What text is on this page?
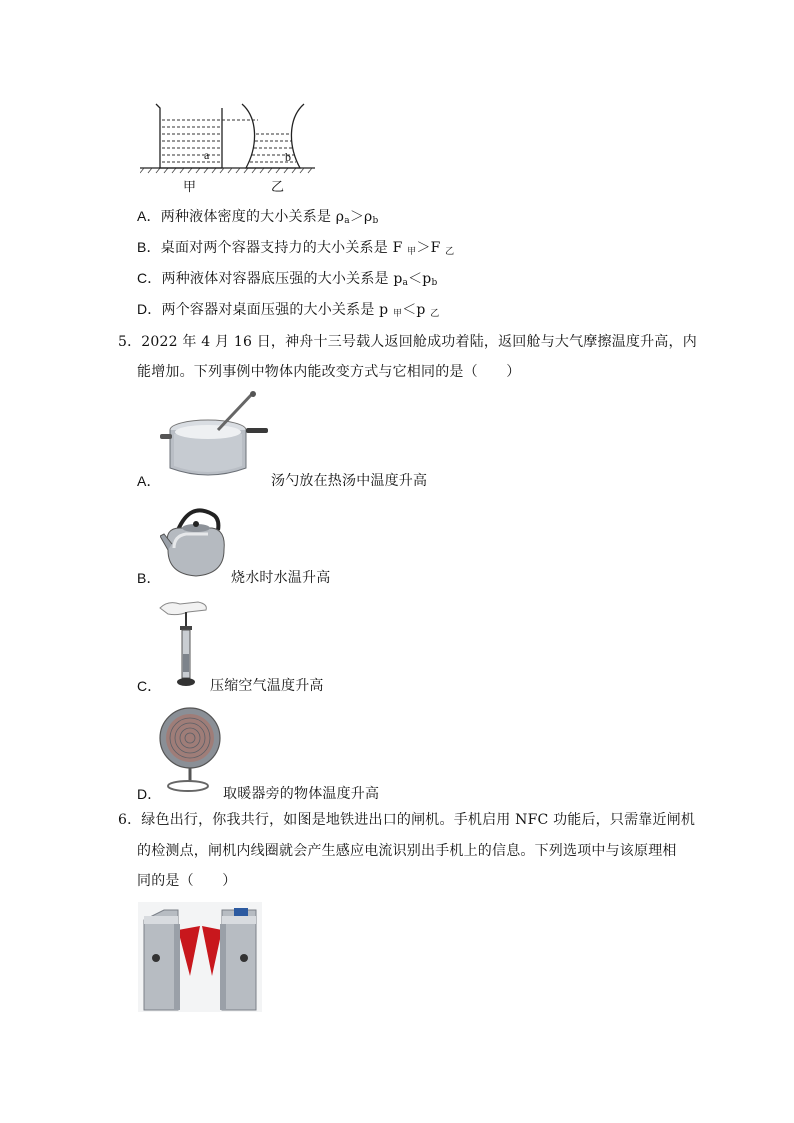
a	b
甲	乙
A．两种液体密度的大小关系是 $\rho_a>\rho_b$
B．桌面对两个容器支持力的大小关系是 F $_甲$＞F $_乙$
C．两种液体对容器底压强的大小关系是 $p_a<p_b$
D．两个容器对桌面压强的大小关系是 p $_甲$＜p $_乙$
5．2022 年 4 月 16 日，神舟十三号载人返回舱成功着陆，返回舱与大气摩擦温度升高，内
能增加。下列事例中物体内能改变方式与它相同的是（　　）
A．	汤勺放在热汤中温度升高
B．	烧水时水温升高
C．	压缩空气温度升高
D．	取暖器旁的物体温度升高
6．绿色出行，你我共行，如图是地铁进出口的闸机。手机启用 NFC 功能后，只需靠近闸机
的检测点，闸机内线圈就会产生感应电流识别出手机上的信息。下列选项中与该原理相
同的是（　　）
